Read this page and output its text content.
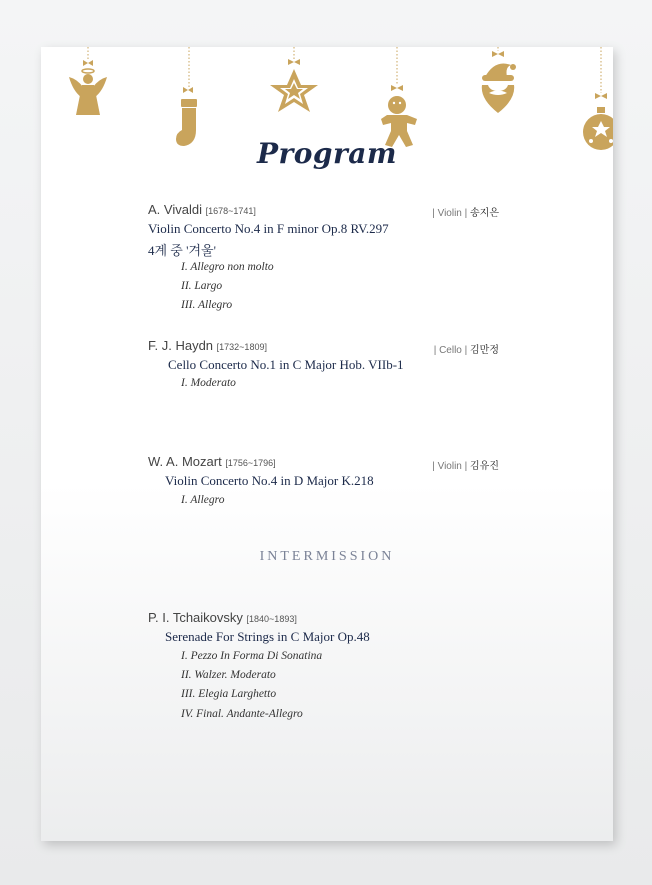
Program
A. Vivaldi [1678~1741]	| Violin | 송지은
Violin Concerto No.4 in F minor Op.8 RV.297
4계 중 '겨울'
I. Allegro non molto
II. Largo
III. Allegro
F. J. Haydn [1732~1809]	| Cello | 김만정
Cello Concerto No.1 in C Major Hob. VIIb-1
I. Moderato
W. A. Mozart [1756~1796]	| Violin | 김유진
Violin Concerto No.4 in D Major K.218
I. Allegro
INTERMISSION
P. I. Tchaikovsky [1840~1893]
Serenade For Strings in C Major Op.48
I. Pezzo In Forma Di Sonatina
II. Walzer. Moderato
III. Elegia Larghetto
IV. Final. Andante-Allegro
